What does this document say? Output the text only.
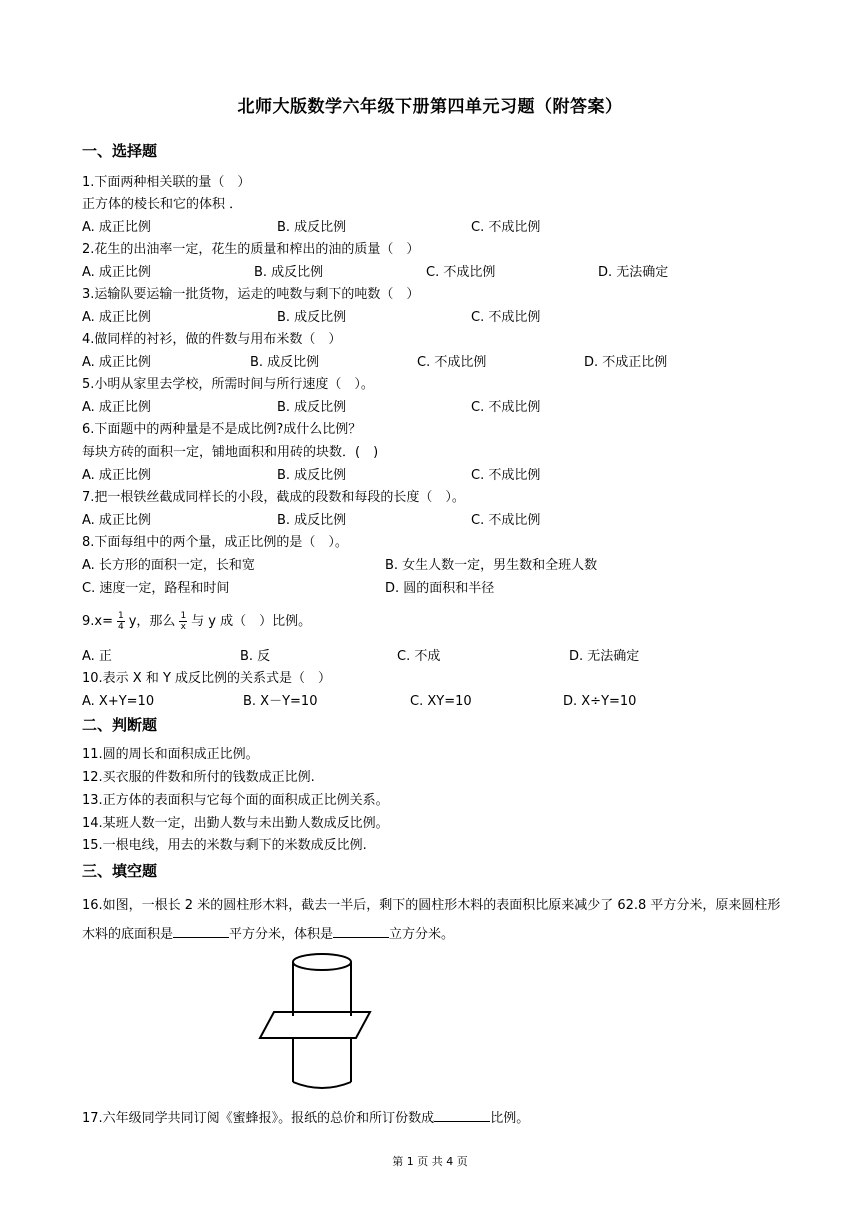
北师大版数学六年级下册第四单元习题（附答案）
一、选择题
1.下面两种相关联的量（　）
正方体的棱长和它的体积 ．
A. 成正比例	B. 成反比例	C. 不成比例
2.花生的出油率一定，花生的质量和榨出的油的质量（　）
A. 成正比例	B. 成反比例	C. 不成比例	D. 无法确定
3.运输队要运输一批货物，运走的吨数与剩下的吨数（　）
A. 成正比例	B. 成反比例	C. 不成比例
4.做同样的衬衫，做的件数与用布米数（　）
A. 成正比例	B. 成反比例	C. 不成比例	D. 不成正比例
5.小明从家里去学校，所需时间与所行速度（　）。
A. 成正比例	B. 成反比例	C. 不成比例
6.下面题中的两种量是不是成比例?成什么比例？
每块方砖的面积一定，铺地面积和用砖的块数．(　)
A. 成正比例	B. 成反比例	C. 不成比例
7.把一根铁丝截成同样长的小段，截成的段数和每段的长度（　）。
A. 成正比例	B. 成反比例	C. 不成比例
8.下面每组中的两个量，成正比例的是（　）。
A. 长方形的面积一定，长和宽	B. 女生人数一定，男生数和全班人数
C. 速度一定，路程和时间	D. 圆的面积和半径
$9.x= \frac{1}{4}$ y，那么 $\frac{1}{x}$ 与 y 成（　）比例。
A. 正	B. 反	C. 不成	D. 无法确定
10.表示 X 和 Y 成反比例的关系式是（　）
A. X+Y=10	B. X－Y=10	C. XY=10	D. X÷Y=10
二、判断题
11.圆的周长和面积成正比例。
12.买衣服的件数和所付的钱数成正比例.
13.正方体的表面积与它每个面的面积成正比例关系。
14.某班人数一定，出勤人数与未出勤人数成反比例。
15.一根电线，用去的米数与剩下的米数成反比例.
三、填空题
16.如图，一根长 2 米的圆柱形木料，截去一半后，剩下的圆柱形木料的表面积比原来减少了 62.8 平方分米，原来圆柱形木料的底面积是	平方分米，体积是	立方分米。
17.六年级同学共同订阅《蜜蜂报》。报纸的总价和所订份数成	比例。
第 1 页 共 4 页
